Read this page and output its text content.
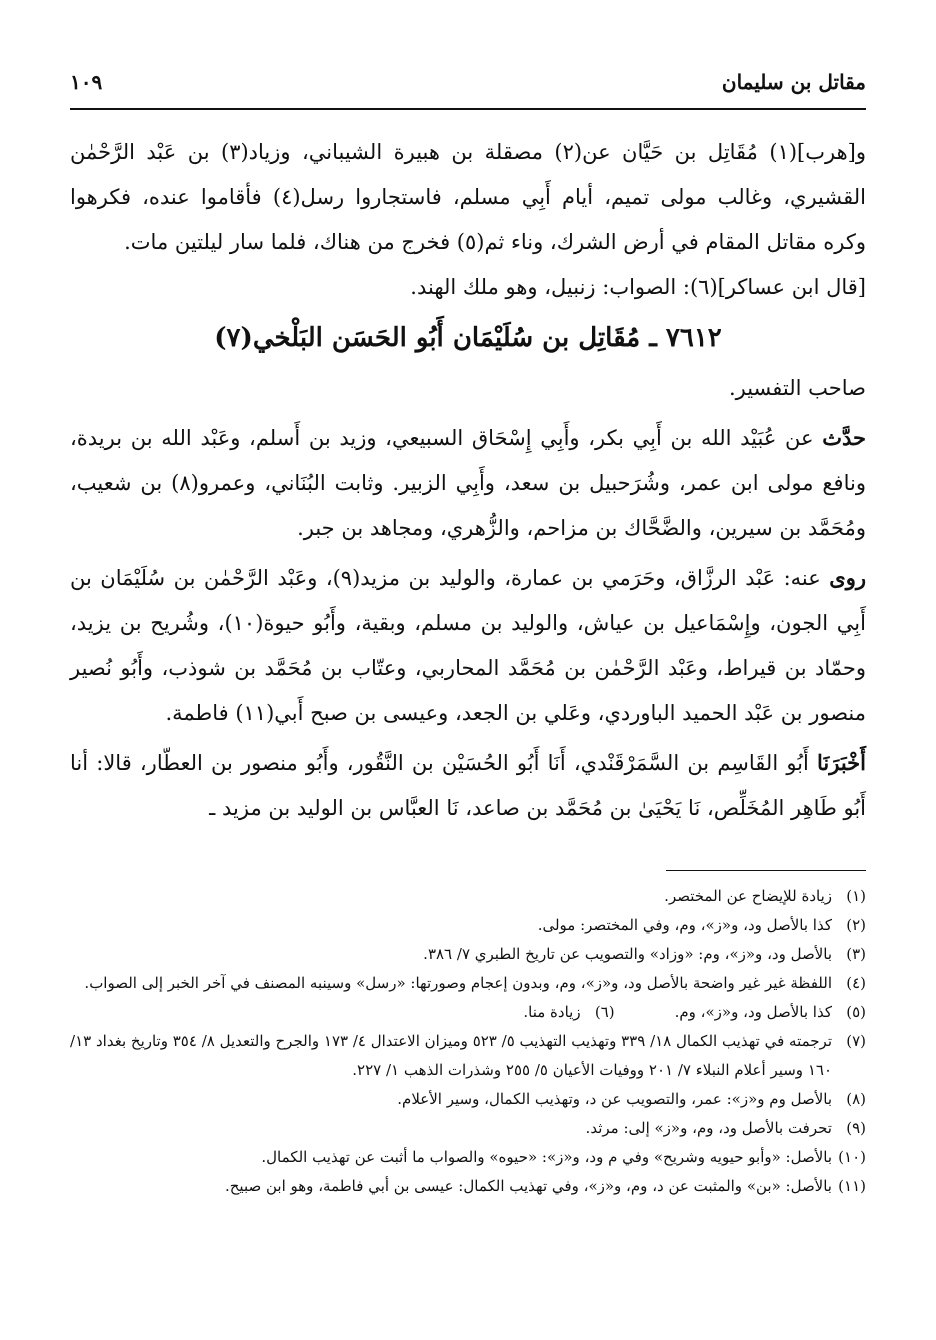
١٠٩	مقاتل بن سليمان

و[هرب](١) مُقَاتِل بن حَيَّان عن(٢) مصقلة بن هبيرة الشيباني، وزياد(٣) بن عَبْد الرَّحْمٰن القشيري، وغالب مولى تميم، أيام أَبِي مسلم، فاستجاروا رسل(٤) فأقاموا عنده، فكرهوا وكره مقاتل المقام في أرض الشرك، وناء ثم(٥) فخرج من هناك، فلما سار ليلتين مات.

[قال ابن عساكر](٦): الصواب: زنبيل، وهو ملك الهند.

٧٦١٢ ـ مُقَاتِل بن سُلَيْمَان أَبُو الحَسَن البَلْخي(٧)

صاحب التفسير.

حدَّث عن عُبَيْد الله بن أَبِي بكر، وأَبِي إِسْحَاق السبيعي، وزيد بن أَسلم، وعَبْد الله بن بريدة، ونافع مولى ابن عمر، وشُرَحبيل بن سعد، وأَبِي الزبير. وثابت البُنَاني، وعمرو(٨) بن شعيب، ومُحَمَّد بن سيرين، والضَّحَّاك بن مزاحم، والزُّهري، ومجاهد بن جبر.

روى عنه: عَبْد الرزَّاق، وحَرَمي بن عمارة، والوليد بن مزيد(٩)، وعَبْد الرَّحْمٰن بن سُلَيْمَان بن أَبِي الجون، وإِسْمَاعيل بن عياش، والوليد بن مسلم، وبقية، وأَبُو حيوة(١٠)، وشُريح بن يزيد، وحمّاد بن قيراط، وعَبْد الرَّحْمٰن بن مُحَمَّد المحاربي، وعتّاب بن مُحَمَّد بن شوذب، وأَبُو نُصير منصور بن عَبْد الحميد الباوردي، وعَلي بن الجعد، وعيسى بن صبح أَبي(١١) فاطمة.

أَخْبَرَنَا أَبُو القَاسِم بن السَّمَرْقَنْدي، أَنَا أَبُو الحُسَيْن بن النَّقُور، وأَبُو منصور بن العطّار، قالا: أنا أَبُو طَاهِر المُخَلِّص، نَا يَحْيَىٰ بن مُحَمَّد بن صاعد، نَا العبَّاس بن الوليد بن مزيد ـ

(١)
زيادة للإيضاح عن المختصر.
(٢)
كذا بالأصل ود، و«ز»، وم، وفي المختصر: مولى.
(٣)
بالأصل ود، و«ز»، وم: «وزاد» والتصويب عن تاريخ الطبري ٧/ ٣٨٦.
(٤)
اللفظة غير غير واضحة بالأصل ود، و«ز»، وم، وبدون إعجام وصورتها: «رسل» وسينبه المصنف في آخر الخبر إلى الصواب.
(٥)
كذا بالأصل ود، و«ز»، وم.
(٦)
زيادة منا.
(٧)
ترجمته في تهذيب الكمال ١٨/ ٣٣٩ وتهذيب التهذيب ٥/ ٥٢٣ وميزان الاعتدال ٤/ ١٧٣ والجرح والتعديل ٨/ ٣٥٤ وتاريخ بغداد ١٣/ ١٦٠ وسير أعلام النبلاء ٧/ ٢٠١ ووفيات الأعيان ٥/ ٢٥٥ وشذرات الذهب ١/ ٢٢٧.
(٨)
بالأصل وم و«ز»: عمر، والتصويب عن د، وتهذيب الكمال، وسير الأعلام.
(٩)
تحرفت بالأصل ود، وم، و«ز» إلى: مرثد.
(١٠)
بالأصل: «وأبو حيويه وشريح» وفي م ود، و«ز»: «حيوه» والصواب ما أثبت عن تهذيب الكمال.
(١١)
بالأصل: «بن» والمثبت عن د، وم، و«ز»، وفي تهذيب الكمال: عيسى بن أبي فاطمة، وهو ابن صبيح.
